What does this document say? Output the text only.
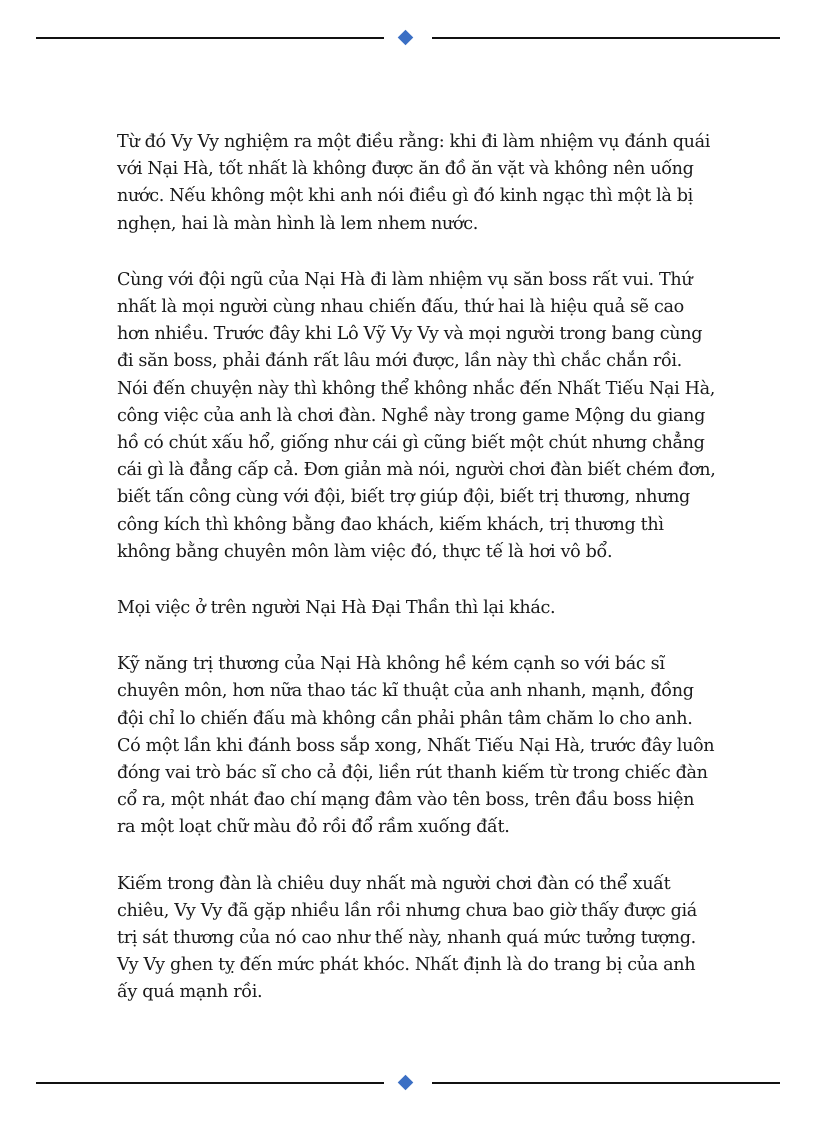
Từ đó Vy Vy nghiệm ra một điều rằng: khi đi làm nhiệm vụ đánh quái với Nại Hà, tốt nhất là không được ăn đồ ăn vặt và không nên uống nước. Nếu không một khi anh nói điều gì đó kinh ngạc thì một là bị nghẹn, hai là màn hình là lem nhem nước.

Cùng với đội ngũ của Nại Hà đi làm nhiệm vụ săn boss rất vui. Thứ nhất là mọi người cùng nhau chiến đấu, thứ hai là hiệu quả sẽ cao hơn nhiều. Trước đây khi Lô Vỹ Vy Vy và mọi người trong bang cùng đi săn boss, phải đánh rất lâu mới được, lần này thì chắc chắn rồi. Nói đến chuyện này thì không thể không nhắc đến Nhất Tiếu Nại Hà, công việc của anh là chơi đàn. Nghề này trong game Mộng du giang hồ có chút xấu hổ, giống như cái gì cũng biết một chút nhưng chẳng cái gì là đẳng cấp cả. Đơn giản mà nói, người chơi đàn biết chém đơn, biết tấn công cùng với đội, biết trợ giúp đội, biết trị thương, nhưng công kích thì không bằng đao khách, kiếm khách, trị thương thì không bằng chuyên môn làm việc đó, thực tế là hơi vô bổ.

Mọi việc ở trên người Nại Hà Đại Thần thì lại khác.

Kỹ năng trị thương của Nại Hà không hề kém cạnh so với bác sĩ chuyên môn, hơn nữa thao tác kĩ thuật của anh nhanh, mạnh, đồng đội chỉ lo chiến đấu mà không cần phải phân tâm chăm lo cho anh. Có một lần khi đánh boss sắp xong, Nhất Tiếu Nại Hà, trước đây luôn đóng vai trò bác sĩ cho cả đội, liền rút thanh kiếm từ trong chiếc đàn cổ ra, một nhát đao chí mạng đâm vào tên boss, trên đầu boss hiện ra một loạt chữ màu đỏ rồi đổ rầm xuống đất.

Kiếm trong đàn là chiêu duy nhất mà người chơi đàn có thể xuất chiêu, Vy Vy đã gặp nhiều lần rồi nhưng chưa bao giờ thấy được giá trị sát thương của nó cao như thế này, nhanh quá mức tưởng tượng. Vy Vy ghen tỵ đến mức phát khóc. Nhất định là do trang bị của anh ấy quá mạnh rồi.
